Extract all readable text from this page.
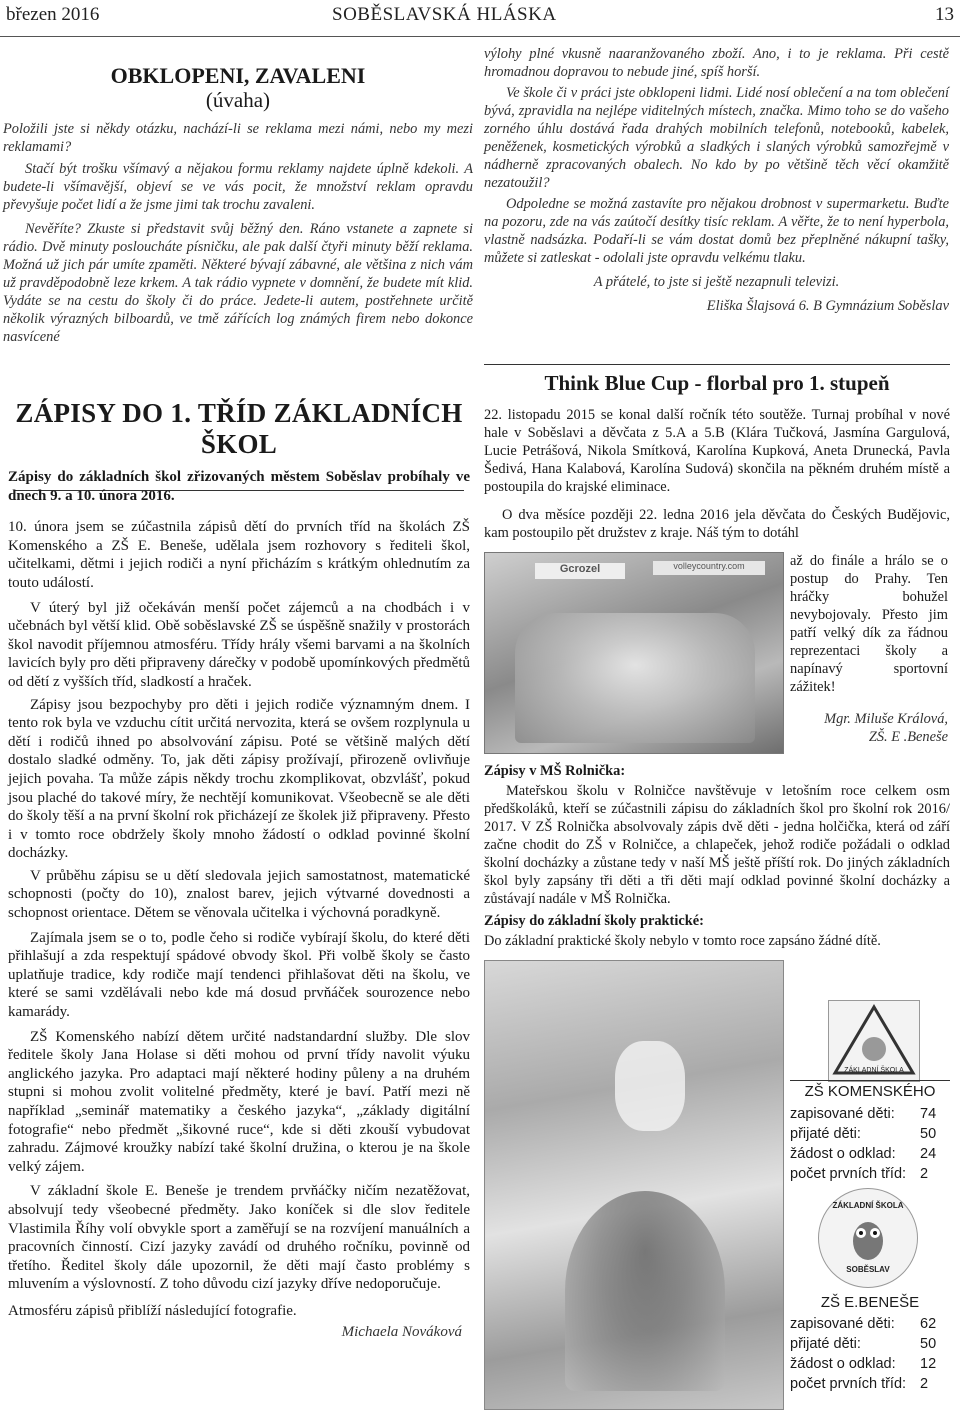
březen 2016	SOBĚSLAVSKÁ HLÁSKA	13
OBKLOPENI, ZAVALENI
(úvaha)

Položili jste si někdy otázku, nachází-li se reklama mezi námi, nebo my mezi reklamami?

Stačí být trošku všímavý a nějakou formu reklamy najdete úplně kdekoli. A budete-li všímavější, objeví se ve vás pocit, že množství reklam opravdu převyšuje počet lidí a že jsme jimi tak trochu zavaleni.

Nevěříte? Zkuste si představit svůj běžný den. Ráno vstanete a zapnete si rádio. Dvě minuty posloucháte písničku, ale pak další čtyři minuty běží reklama. Možná už jich pár umíte zpaměti. Některé bývají zábavné, ale většina z nich vám už pravděpodobně leze krkem. A tak rádio vypnete v domnění, že budete mít klid. Vydáte se na cestu do školy či do práce. Jedete-li autem, postřehnete určitě několik výrazných bilboardů, ve tmě zářících log známých firem nebo dokonce nasvícené

výlohy plné vkusně naaranžovaného zboží. Ano, i to je reklama. Při cestě hromadnou dopravou to nebude jiné, spíš horší.

Ve škole či v práci jste obklopeni lidmi. Lidé nosí oblečení a na tom oblečení bývá, zpravidla na nejlépe viditelných místech, značka. Mimo toho se do vašeho zorného úhlu dostává řada drahých mobilních telefonů, notebooků, kabelek, peněženek, kosmetických výrobků a sladkých i slaných výrobků samozřejmě v nádherně zpracovaných obalech. No kdo by po většině těch věcí okamžitě nezatoužil?

Odpoledne se možná zastavíte pro nějakou drobnost v supermarketu. Buďte na pozoru, zde na vás zaútočí desítky tisíc reklam. A věřte, že to není hyperbola, vlastně nadsázka. Podaří-li se vám dostat domů bez přeplněné nákupní tašky, můžete si zatleskat - odolali jste opravdu velkému tlaku.

A přátelé, to jste si ještě nezapnuli televizi.

Eliška Šlajsová 6. B Gymnázium Soběslav

ZÁPISY DO 1. TŘÍD ZÁKLADNÍCH ŠKOL

Zápisy do základních škol zřizovaných městem Soběslav probíhaly ve dnech 9. a 10. února 2016.

10. února jsem se zúčastnila zápisů dětí do prvních tříd na školách ZŠ Komenského a ZŠ E. Beneše, udělala jsem rozhovory s řediteli škol, učitelkami, dětmi i jejich rodiči a nyní přicházím s krátkým ohlednutím za touto událostí.

V úterý byl již očekáván menší počet zájemců a na chodbách i v učebnách byl větší klid. Obě soběslavské ZŠ se úspěšně snažily v prostorách škol navodit příjemnou atmosféru. Třídy hrály všemi barvami a na školních lavicích byly pro děti připraveny dárečky v podobě upomínkových předmětů od dětí z vyšších tříd, sladkostí a hraček.

Zápisy jsou bezpochyby pro děti i jejich rodiče významným dnem. I tento rok byla ve vzduchu cítit určitá nervozita, která se ovšem rozplynula u dětí i rodičů ihned po absolvování zápisu. Poté se většině malých dětí dostalo sladké odměny. To, jak děti zápisy prožívají, přirozeně ovlivňuje jejich povaha. Ta může zápis někdy trochu zkomplikovat, obzvlášť, pokud jsou plaché do takové míry, že nechtějí komunikovat. Všeobecně se ale děti do školy těší a na první školní rok přicházejí ze školek již připraveny. Přesto i v tomto roce obdržely školy mnoho žádostí o odklad povinné školní docházky.

V průběhu zápisu se u dětí sledovala jejich samostatnost, matematické schopnosti (počty do 10), znalost barev, jejich výtvarné dovednosti a schopnost orientace. Dětem se věnovala učitelka i výchovná poradkyně.

Zajímala jsem se o to, podle čeho si rodiče vybírají školu, do které děti přihlašují a zda respektují spádové obvody škol. Při volbě školy se často uplatňuje tradice, kdy rodiče mají tendenci přihlašovat děti na školu, ve které se sami vzdělávali nebo kde má dosud prvňáček sourozence nebo kamarády.

ZŠ Komenského nabízí dětem určité nadstandardní služby. Dle slov ředitele školy Jana Holase si děti mohou od první třídy navolit výuku anglického jazyka. Pro adaptaci mají některé hodiny půleny a na druhém stupni si mohou zvolit volitelné předměty, které je baví. Patří mezi ně například „seminář matematiky a českého jazyka“, „základy digitální fotografie“ nebo předmět „šikovné ruce“, kde si děti zkouší vybudovat zahradu. Zájmové kroužky nabízí také školní družina, o kterou je na škole velký zájem.

V základní škole E. Beneše je trendem prvňáčky ničím nezatěžovat, absolvují tedy všeobecné předměty. Jako koníček si dle slov ředitele Vlastimila Říhy volí obvykle sport a zaměřují se na rozvíjení manuálních a pracovních činností. Cizí jazyky zavádí od druhého ročníku, povinně od třetího. Ředitel školy dále upozornil, že děti mají často problémy s mluvením a výslovností. Z toho důvodu cizí jazyky dříve nedoporučuje.

Atmosféru zápisů přiblíží následující fotografie.

Michaela Nováková

Think Blue Cup - florbal pro 1. stupeň

22. listopadu 2015 se konal další ročník této soutěže. Turnaj probíhal v nové hale v Soběslavi a děvčata z 5.A a 5.B (Klára Tučková, Jasmína Gargulová, Lucie Petrášová, Nikola Smítková, Karolína Kupková, Aneta Drunecká, Pavla Šedivá, Hana Kalabová, Karolína Sudová) skončila na pěkném druhém místě a postoupila do krajské eliminace.

O dva měsíce později 22. ledna 2016 jela děvčata do Českých Budějovic, kam postoupilo pět družstev z kraje. Náš tým to dotáhl

Gcrozel	volleycountry.com	až do finále a hrálo se o postup do Prahy. Ten hráčky bohužel nevybojovaly. Přesto jim patří velký dík za řádnou reprezentaci školy a napínavý sportovní zážitek!

Mgr. Miluše Králová,

ZŠ. E .Beneše

Zápisy v MŠ Rolnička:

Mateřskou školu v Rolničce navštěvuje v letošním roce celkem osm předškoláků, kteří se zúčastnili zápisu do základních škol pro školní rok 2016/ 2017. V ZŠ Rolnička absolvovaly zápis dvě děti - jedna holčička, která od září začne chodit do ZŠ v Rolničce, a chlapeček, jehož rodiče požádali o odklad školní docházky a zůstane tedy v naší MŠ ještě příští rok. Do jiných základních škol byly zapsány tři děti a tři děti mají odklad povinné školní docházky a zůstávají nadále v MŠ Rolnička.

Zápisy do základní školy praktické:

Do základní praktické školy nebylo v tomto roce zapsáno žádné dítě.

ZÁKLADNÍ ŠKOLA
ZŠ KOMENSKÉHO
zapisované děti:	74
přijaté děti:	50
žádost o odklad:	24
počet prvních tříd:	2
ZÁKLADNÍ ŠKOLA
SOBĚSLAV
ZŠ E.BENEŠE
zapisované děti:	62
přijaté děti:	50
žádost o odklad:	12
počet prvních tříd:	2
